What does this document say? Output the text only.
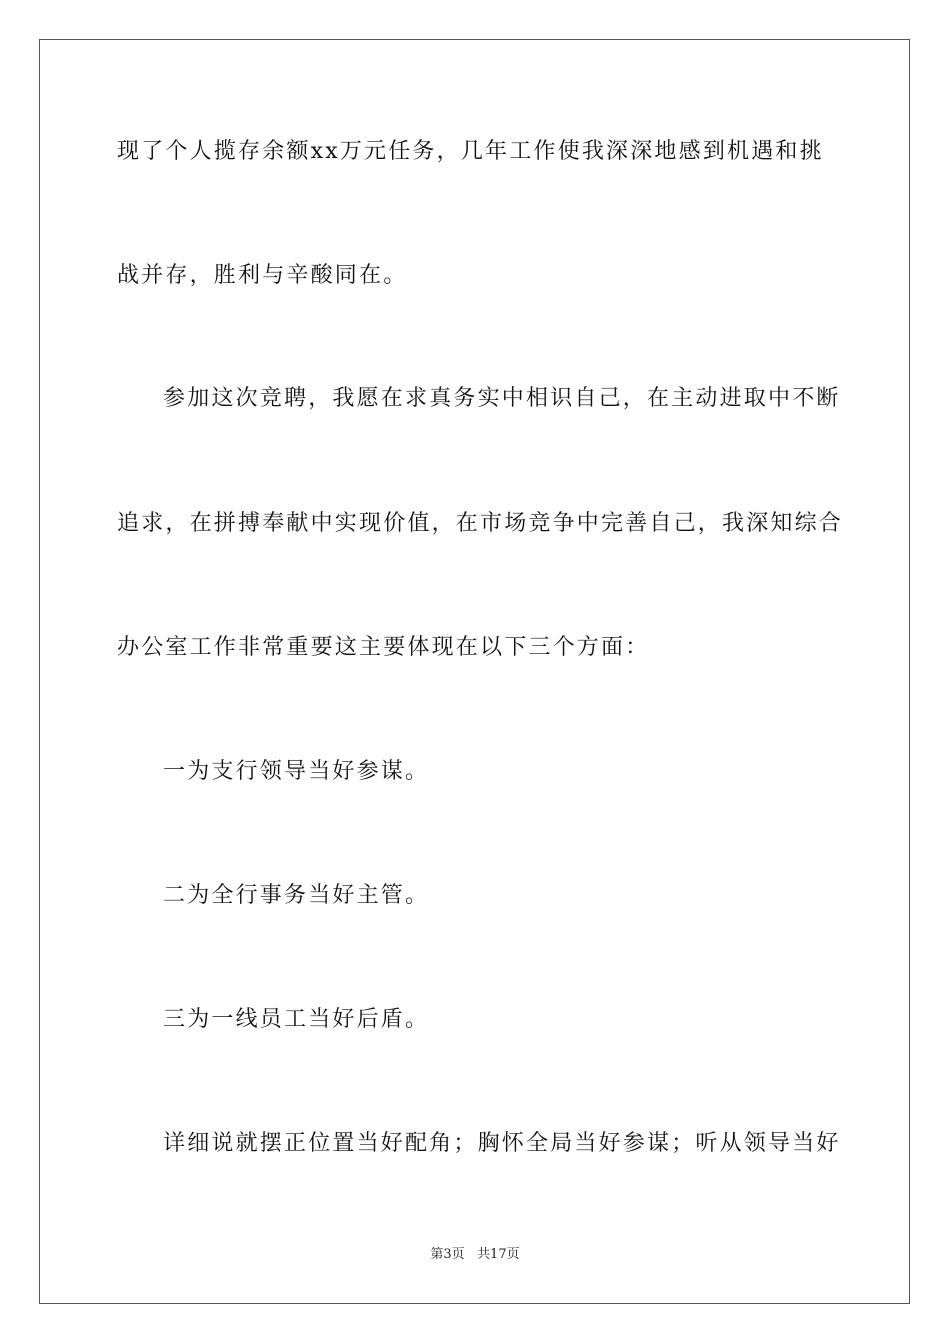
现了个人揽存余额xx万元任务，几年工作使我深深地感到机遇和挑
战并存，胜利与辛酸同在。
参加这次竞聘，我愿在求真务实中相识自己，在主动进取中不断
追求，在拼搏奉献中实现价值，在市场竞争中完善自己，我深知综合
办公室工作非常重要这主要体现在以下三个方面：
一为支行领导当好参谋。
二为全行事务当好主管。
三为一线员工当好后盾。
详细说就摆正位置当好配角；胸怀全局当好参谋；听从领导当好
第3页   共17页
